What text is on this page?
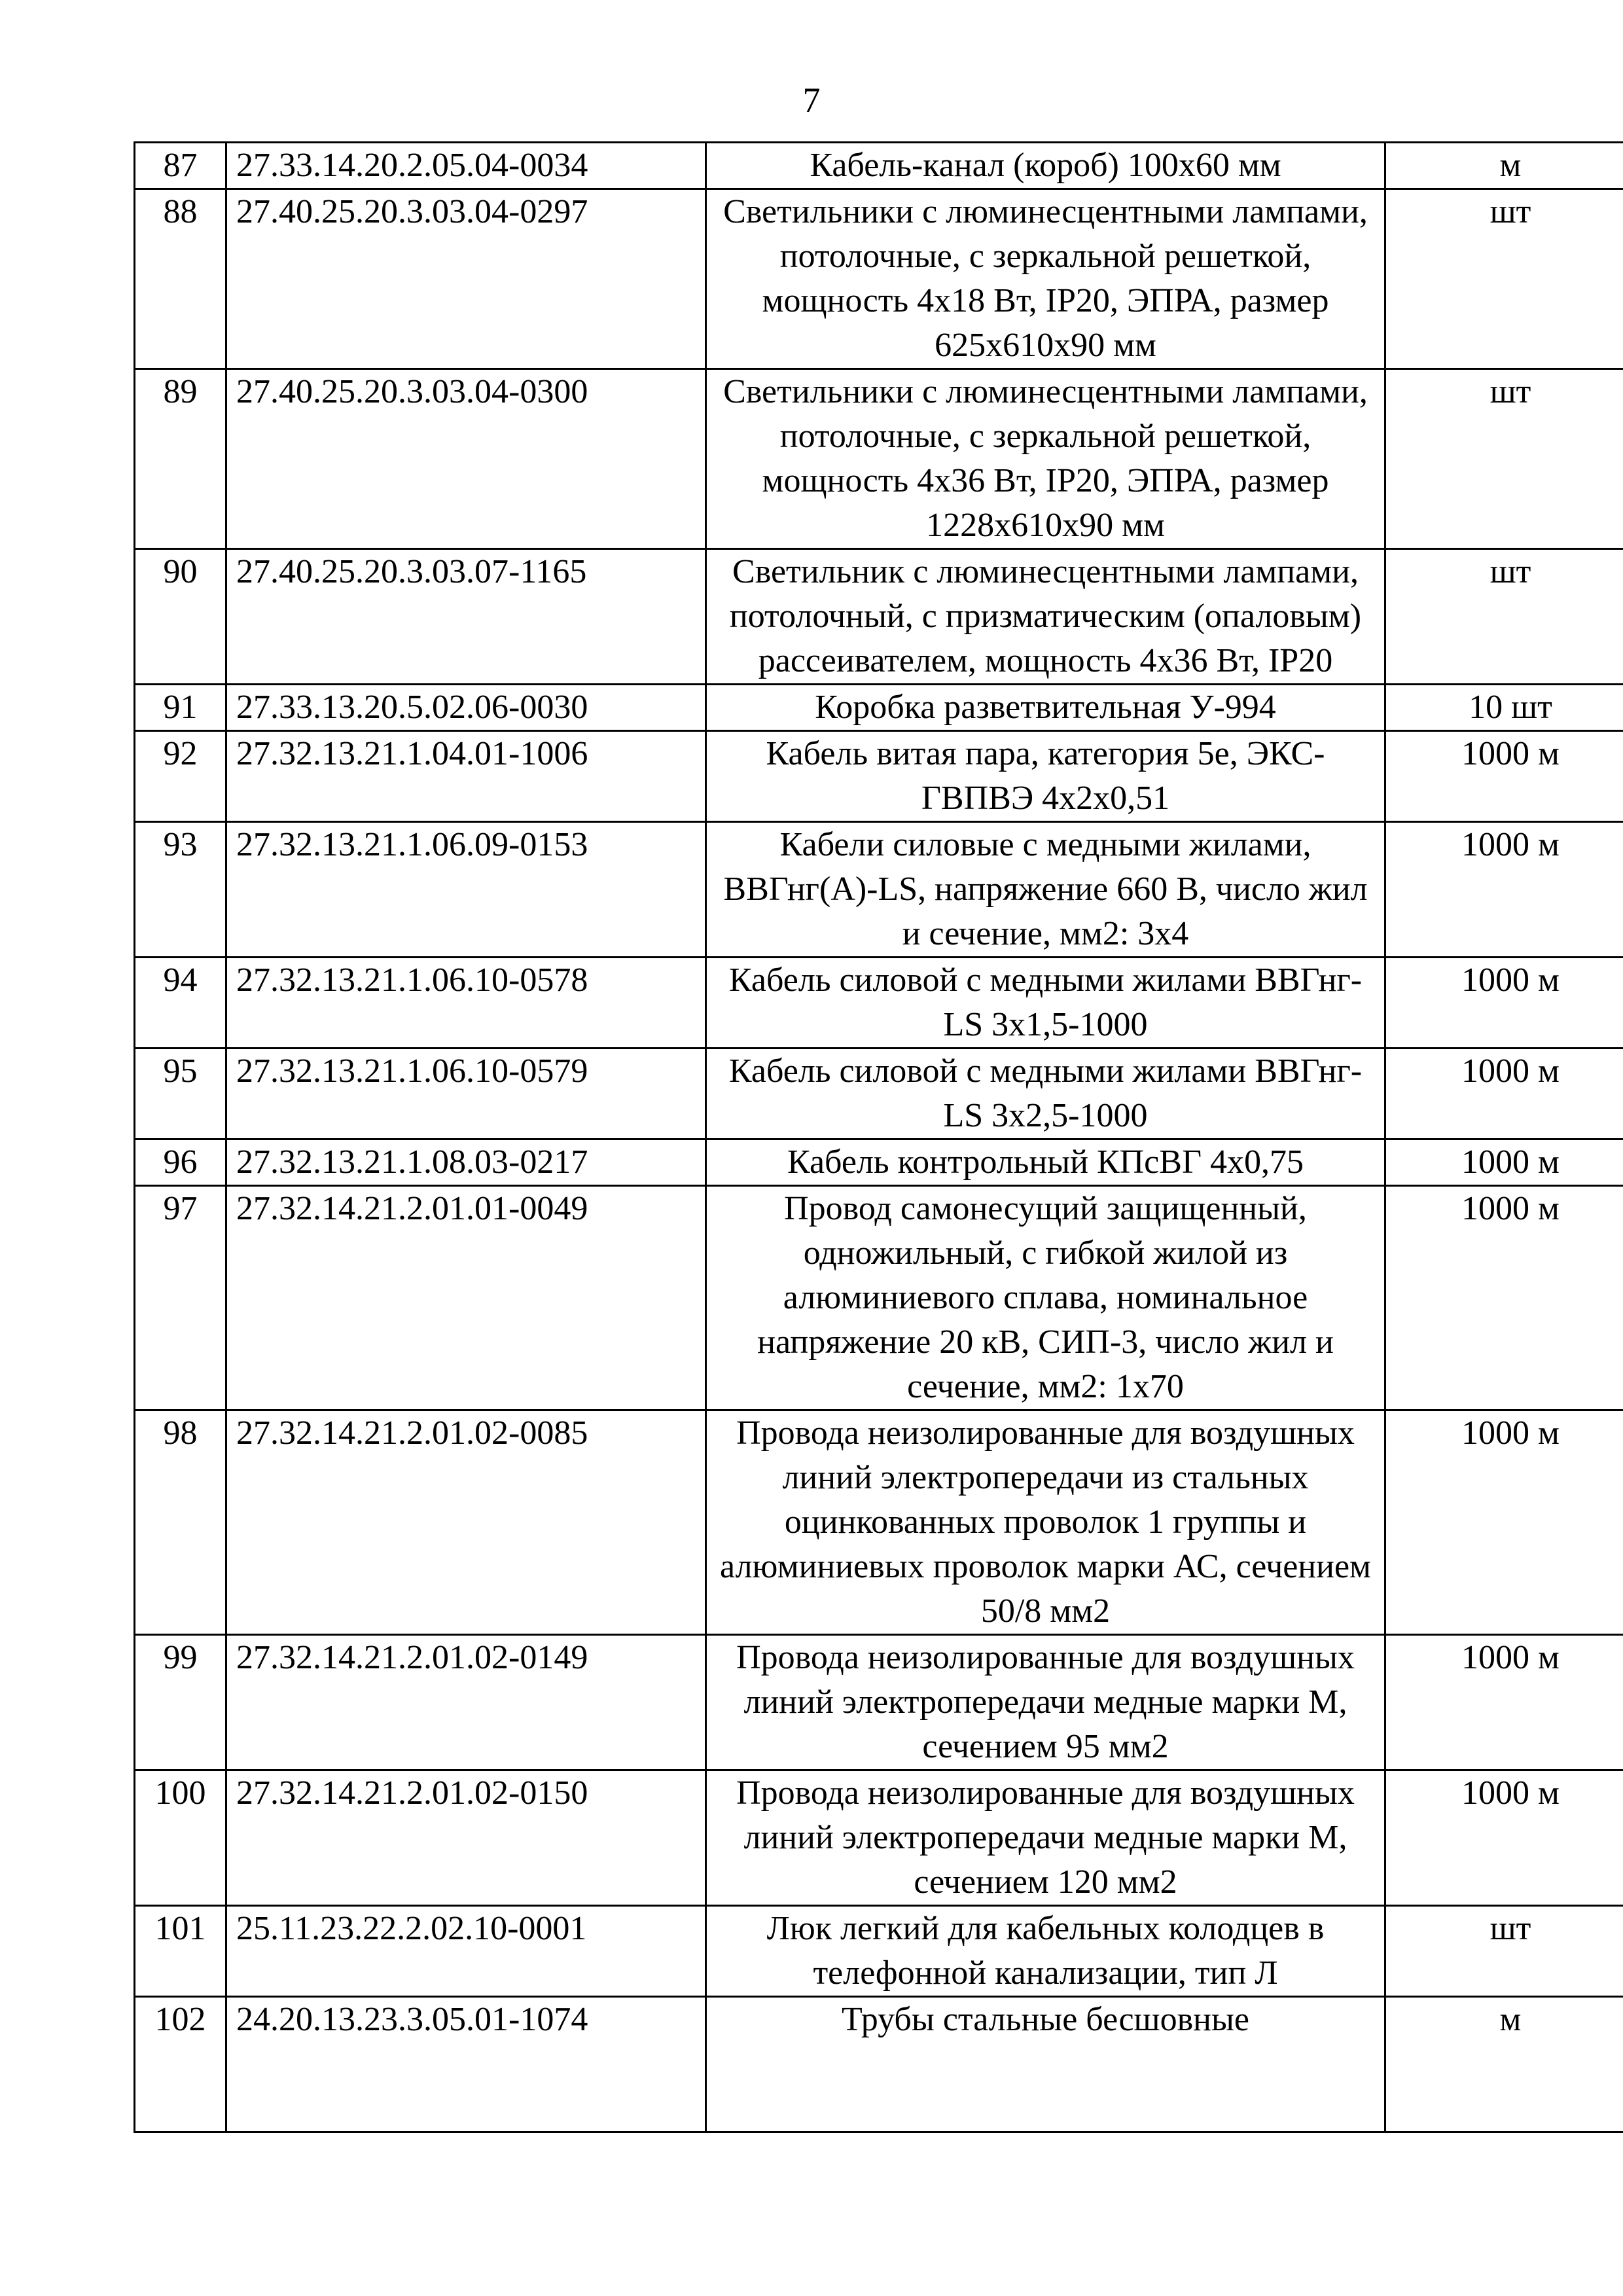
7
87	27.33.14.20.2.05.04-0034	Кабель-канал (короб) 100x60 мм	м
88	27.40.25.20.3.03.04-0297	Светильники с люминесцентными лампами, потолочные, с зеркальной решеткой, мощность 4x18 Вт, IP20, ЭПРА, размер 625x610x90 мм	шт
89	27.40.25.20.3.03.04-0300	Светильники с люминесцентными лампами, потолочные, с зеркальной решеткой, мощность 4x36 Вт, IP20, ЭПРА, размер 1228x610x90 мм	шт
90	27.40.25.20.3.03.07-1165	Светильник с люминесцентными лампами, потолочный, с призматическим (опаловым) рассеивателем, мощность 4x36 Вт, IP20	шт
91	27.33.13.20.5.02.06-0030	Коробка разветвительная У-994	10 шт
92	27.32.13.21.1.04.01-1006	Кабель витая пара, категория 5e, ЭКС-ГВПВЭ 4x2x0,51	1000 м
93	27.32.13.21.1.06.09-0153	Кабели силовые с медными жилами, ВВГнг(А)-LS, напряжение 660 В, число жил и сечение, мм2: 3x4	1000 м
94	27.32.13.21.1.06.10-0578	Кабель силовой с медными жилами ВВГнг-LS 3x1,5-1000	1000 м
95	27.32.13.21.1.06.10-0579	Кабель силовой с медными жилами ВВГнг-LS 3x2,5-1000	1000 м
96	27.32.13.21.1.08.03-0217	Кабель контрольный КПсВГ 4x0,75	1000 м
97	27.32.14.21.2.01.01-0049	Провод самонесущий защищенный, одножильный, с гибкой жилой из алюминиевого сплава, номинальное напряжение 20 кВ, СИП-3, число жил и сечение, мм2: 1x70	1000 м
98	27.32.14.21.2.01.02-0085	Провода неизолированные для воздушных линий электропередачи из стальных оцинкованных проволок 1 группы и алюминиевых проволок марки АС, сечением 50/8 мм2	1000 м
99	27.32.14.21.2.01.02-0149	Провода неизолированные для воздушных линий электропередачи медные марки М, сечением 95 мм2	1000 м
100	27.32.14.21.2.01.02-0150	Провода неизолированные для воздушных линий электропередачи медные марки М, сечением 120 мм2	1000 м
101	25.11.23.22.2.02.10-0001	Люк легкий для кабельных колодцев в телефонной канализации, тип Л	шт
102	24.20.13.23.3.05.01-1074	Трубы стальные бесшовные	м
